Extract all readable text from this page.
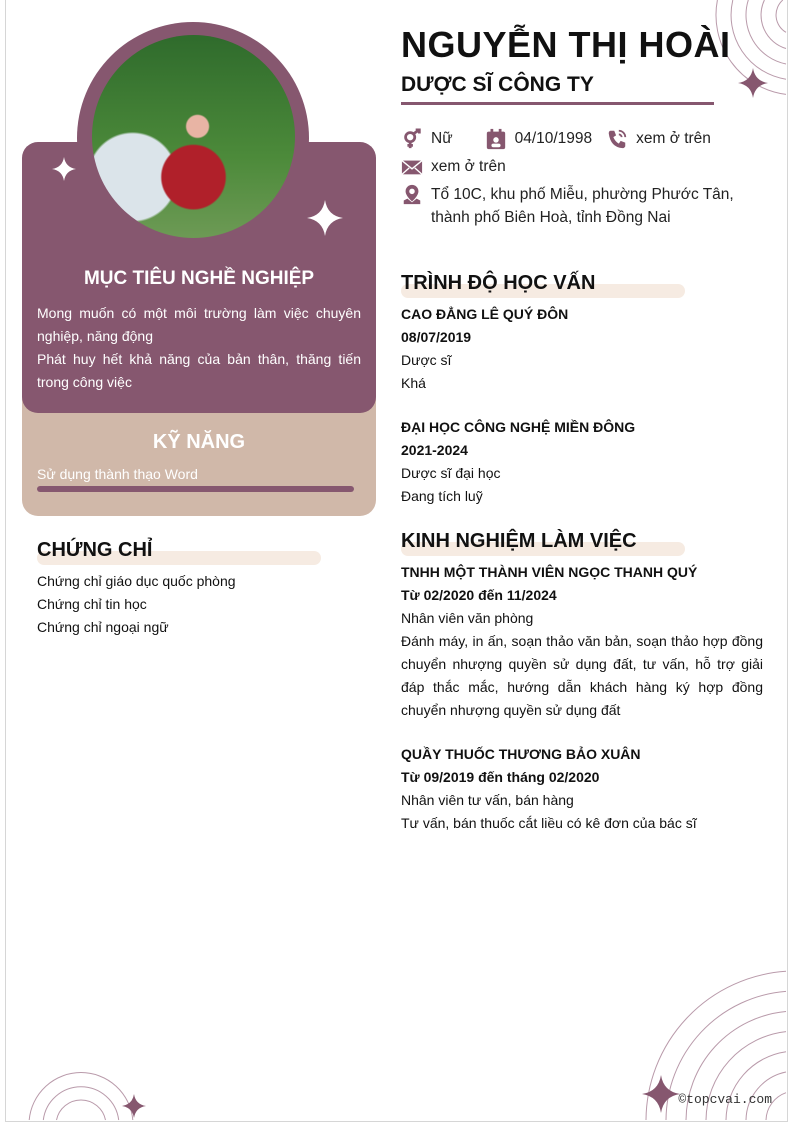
MỤC TIÊU NGHỀ NGHIỆP
Mong muốn có một môi trường làm việc chuyên nghiệp, năng động
Phát huy hết khả năng của bản thân, thăng tiến trong công việc
KỸ NĂNG
Sử dụng thành thạo Word
CHỨNG CHỈ
Chứng chỉ giáo dục quốc phòng
Chứng chỉ tin học
Chứng chỉ ngoại ngữ
NGUYỄN THỊ HOÀI
DƯỢC SĨ CÔNG TY
Nữ	04/10/1998	xem ở trên
xem ở trên
Tổ 10C, khu phố Miễu, phường Phước Tân,
thành phố Biên Hoà, tỉnh Đồng Nai
TRÌNH ĐỘ HỌC VẤN
CAO ĐẲNG LÊ QUÝ ĐÔN
08/07/2019
Dược sĩ
Khá
ĐẠI HỌC CÔNG NGHỆ MIỀN ĐÔNG
2021-2024
Dược sĩ đại học
Đang tích luỹ
KINH NGHIỆM LÀM VIỆC
TNHH MỘT THÀNH VIÊN NGỌC THANH QUÝ
Từ 02/2020 đến 11/2024
Nhân viên văn phòng
Đánh máy, in ấn, soạn thảo văn bản, soạn thảo hợp đồng chuyển nhượng quyền sử dụng đất, tư vấn, hỗ trợ giải đáp thắc mắc, hướng dẫn khách hàng ký hợp đồng chuyển nhượng quyền sử dụng đất
QUẦY THUỐC THƯƠNG BẢO XUÂN
Từ 09/2019 đến tháng 02/2020
Nhân viên tư vấn, bán hàng
Tư vấn, bán thuốc cắt liều có kê đơn của bác sĩ
©topcvai.com
